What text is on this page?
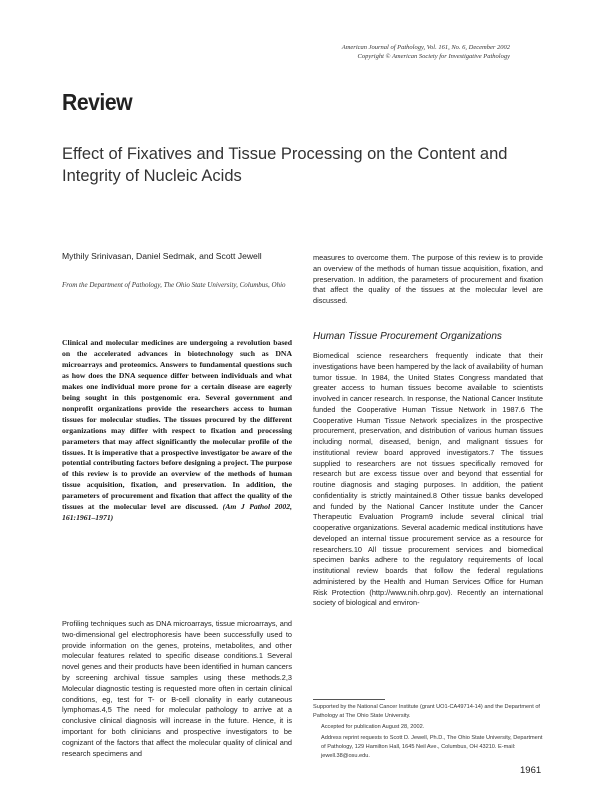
American Journal of Pathology, Vol. 161, No. 6, December 2002
Copyright © American Society for Investigative Pathology
Review
Effect of Fixatives and Tissue Processing on the Content and Integrity of Nucleic Acids
Mythily Srinivasan, Daniel Sedmak, and Scott Jewell
From the Department of Pathology, The Ohio State University, Columbus, Ohio
Clinical and molecular medicines are undergoing a revolution based on the accelerated advances in biotechnology such as DNA microarrays and proteomics. Answers to fundamental questions such as how does the DNA sequence differ between individuals and what makes one individual more prone for a certain disease are eagerly being sought in this postgenomic era. Several government and nonprofit organizations provide the researchers access to human tissues for molecular studies. The tissues procured by the different organizations may differ with respect to fixation and processing parameters that may affect significantly the molecular profile of the tissues. It is imperative that a prospective investigator be aware of the potential contributing factors before designing a project. The purpose of this review is to provide an overview of the methods of human tissue acquisition, fixation, and preservation. In addition, the parameters of procurement and fixation that affect the quality of the tissues at the molecular level are discussed. (Am J Pathol 2002, 161:1961–1971)
Profiling techniques such as DNA microarrays, tissue microarrays, and two-dimensional gel electrophoresis have been successfully used to provide information on the genes, proteins, metabolites, and other molecular features related to specific disease conditions.1 Several novel genes and their products have been identified in human cancers by screening archival tissue samples using these methods.2,3 Molecular diagnostic testing is requested more often in certain clinical conditions, eg, test for T- or B-cell clonality in early cutaneous lymphomas.4,5 The need for molecular pathology to arrive at a conclusive clinical diagnosis will increase in the future. Hence, it is important for both clinicians and prospective investigators to be cognizant of the factors that affect the molecular quality of clinical and research specimens and
measures to overcome them. The purpose of this review is to provide an overview of the methods of human tissue acquisition, fixation, and preservation. In addition, the parameters of procurement and fixation that affect the quality of the tissues at the molecular level are discussed.
Human Tissue Procurement Organizations
Biomedical science researchers frequently indicate that their investigations have been hampered by the lack of availability of human tumor tissue. In 1984, the United States Congress mandated that greater access to human tissues become available to scientists involved in cancer research. In response, the National Cancer Institute funded the Cooperative Human Tissue Network in 1987.6 The Cooperative Human Tissue Network specializes in the prospective procurement, preservation, and distribution of various human tissues including normal, diseased, benign, and malignant tissues for institutional review board approved investigators.7 The tissues supplied to researchers are not tissues specifically removed for research but are excess tissue over and beyond that essential for routine diagnosis and staging purposes. In addition, the patient confidentiality is strictly maintained.8 Other tissue banks developed and funded by the National Cancer Institute under the Cancer Therapeutic Evaluation Program9 include several clinical trial cooperative organizations. Several academic medical institutions have developed an internal tissue procurement service as a resource for researchers.10 All tissue procurement services and biomedical specimen banks adhere to the regulatory requirements of local institutional review boards that follow the federal regulations administered by the Health and Human Services Office for Human Risk Protection (http://www.nih.ohrp.gov). Recently an international society of biological and environ-

Supported by the National Cancer Institute (grant UO1-CA49714-14) and the Department of Pathology at The Ohio State University.

Accepted for publication August 28, 2002.

Address reprint requests to Scott D. Jewell, Ph.D., The Ohio State University, Department of Pathology, 129 Hamilton Hall, 1645 Neil Ave., Columbus, OH 43210. E-mail: jewell.38@osu.edu.

1961
